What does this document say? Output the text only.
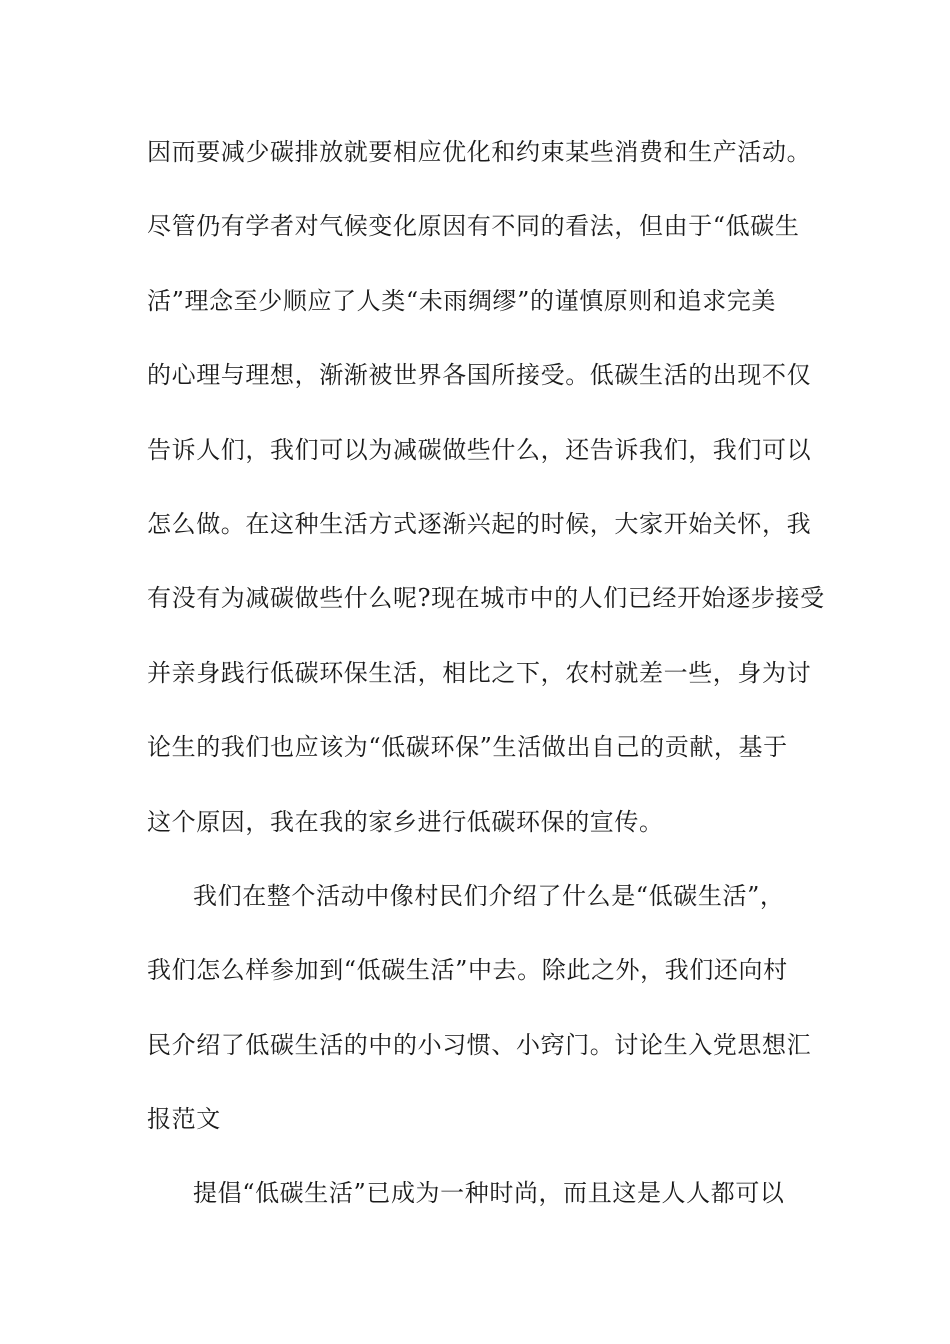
因而要减少碳排放就要相应优化和约束某些消费和生产活动。
尽管仍有学者对气候变化原因有不同的看法，但由于“低碳生
活”理念至少顺应了人类“未雨绸缪”的谨慎原则和追求完美
的心理与理想，渐渐被世界各国所接受。低碳生活的出现不仅
告诉人们，我们可以为减碳做些什么，还告诉我们，我们可以
怎么做。在这种生活方式逐渐兴起的时候，大家开始关怀，我
有没有为减碳做些什么呢?现在城市中的人们已经开始逐步接受
并亲身践行低碳环保生活，相比之下，农村就差一些，身为讨
论生的我们也应该为“低碳环保”生活做出自己的贡献，基于
这个原因，我在我的家乡进行低碳环保的宣传。
我们在整个活动中像村民们介绍了什么是“低碳生活”，
我们怎么样参加到“低碳生活”中去。除此之外，我们还向村
民介绍了低碳生活的中的小习惯、小窍门。讨论生入党思想汇
报范文
提倡“低碳生活”已成为一种时尚，而且这是人人都可以
